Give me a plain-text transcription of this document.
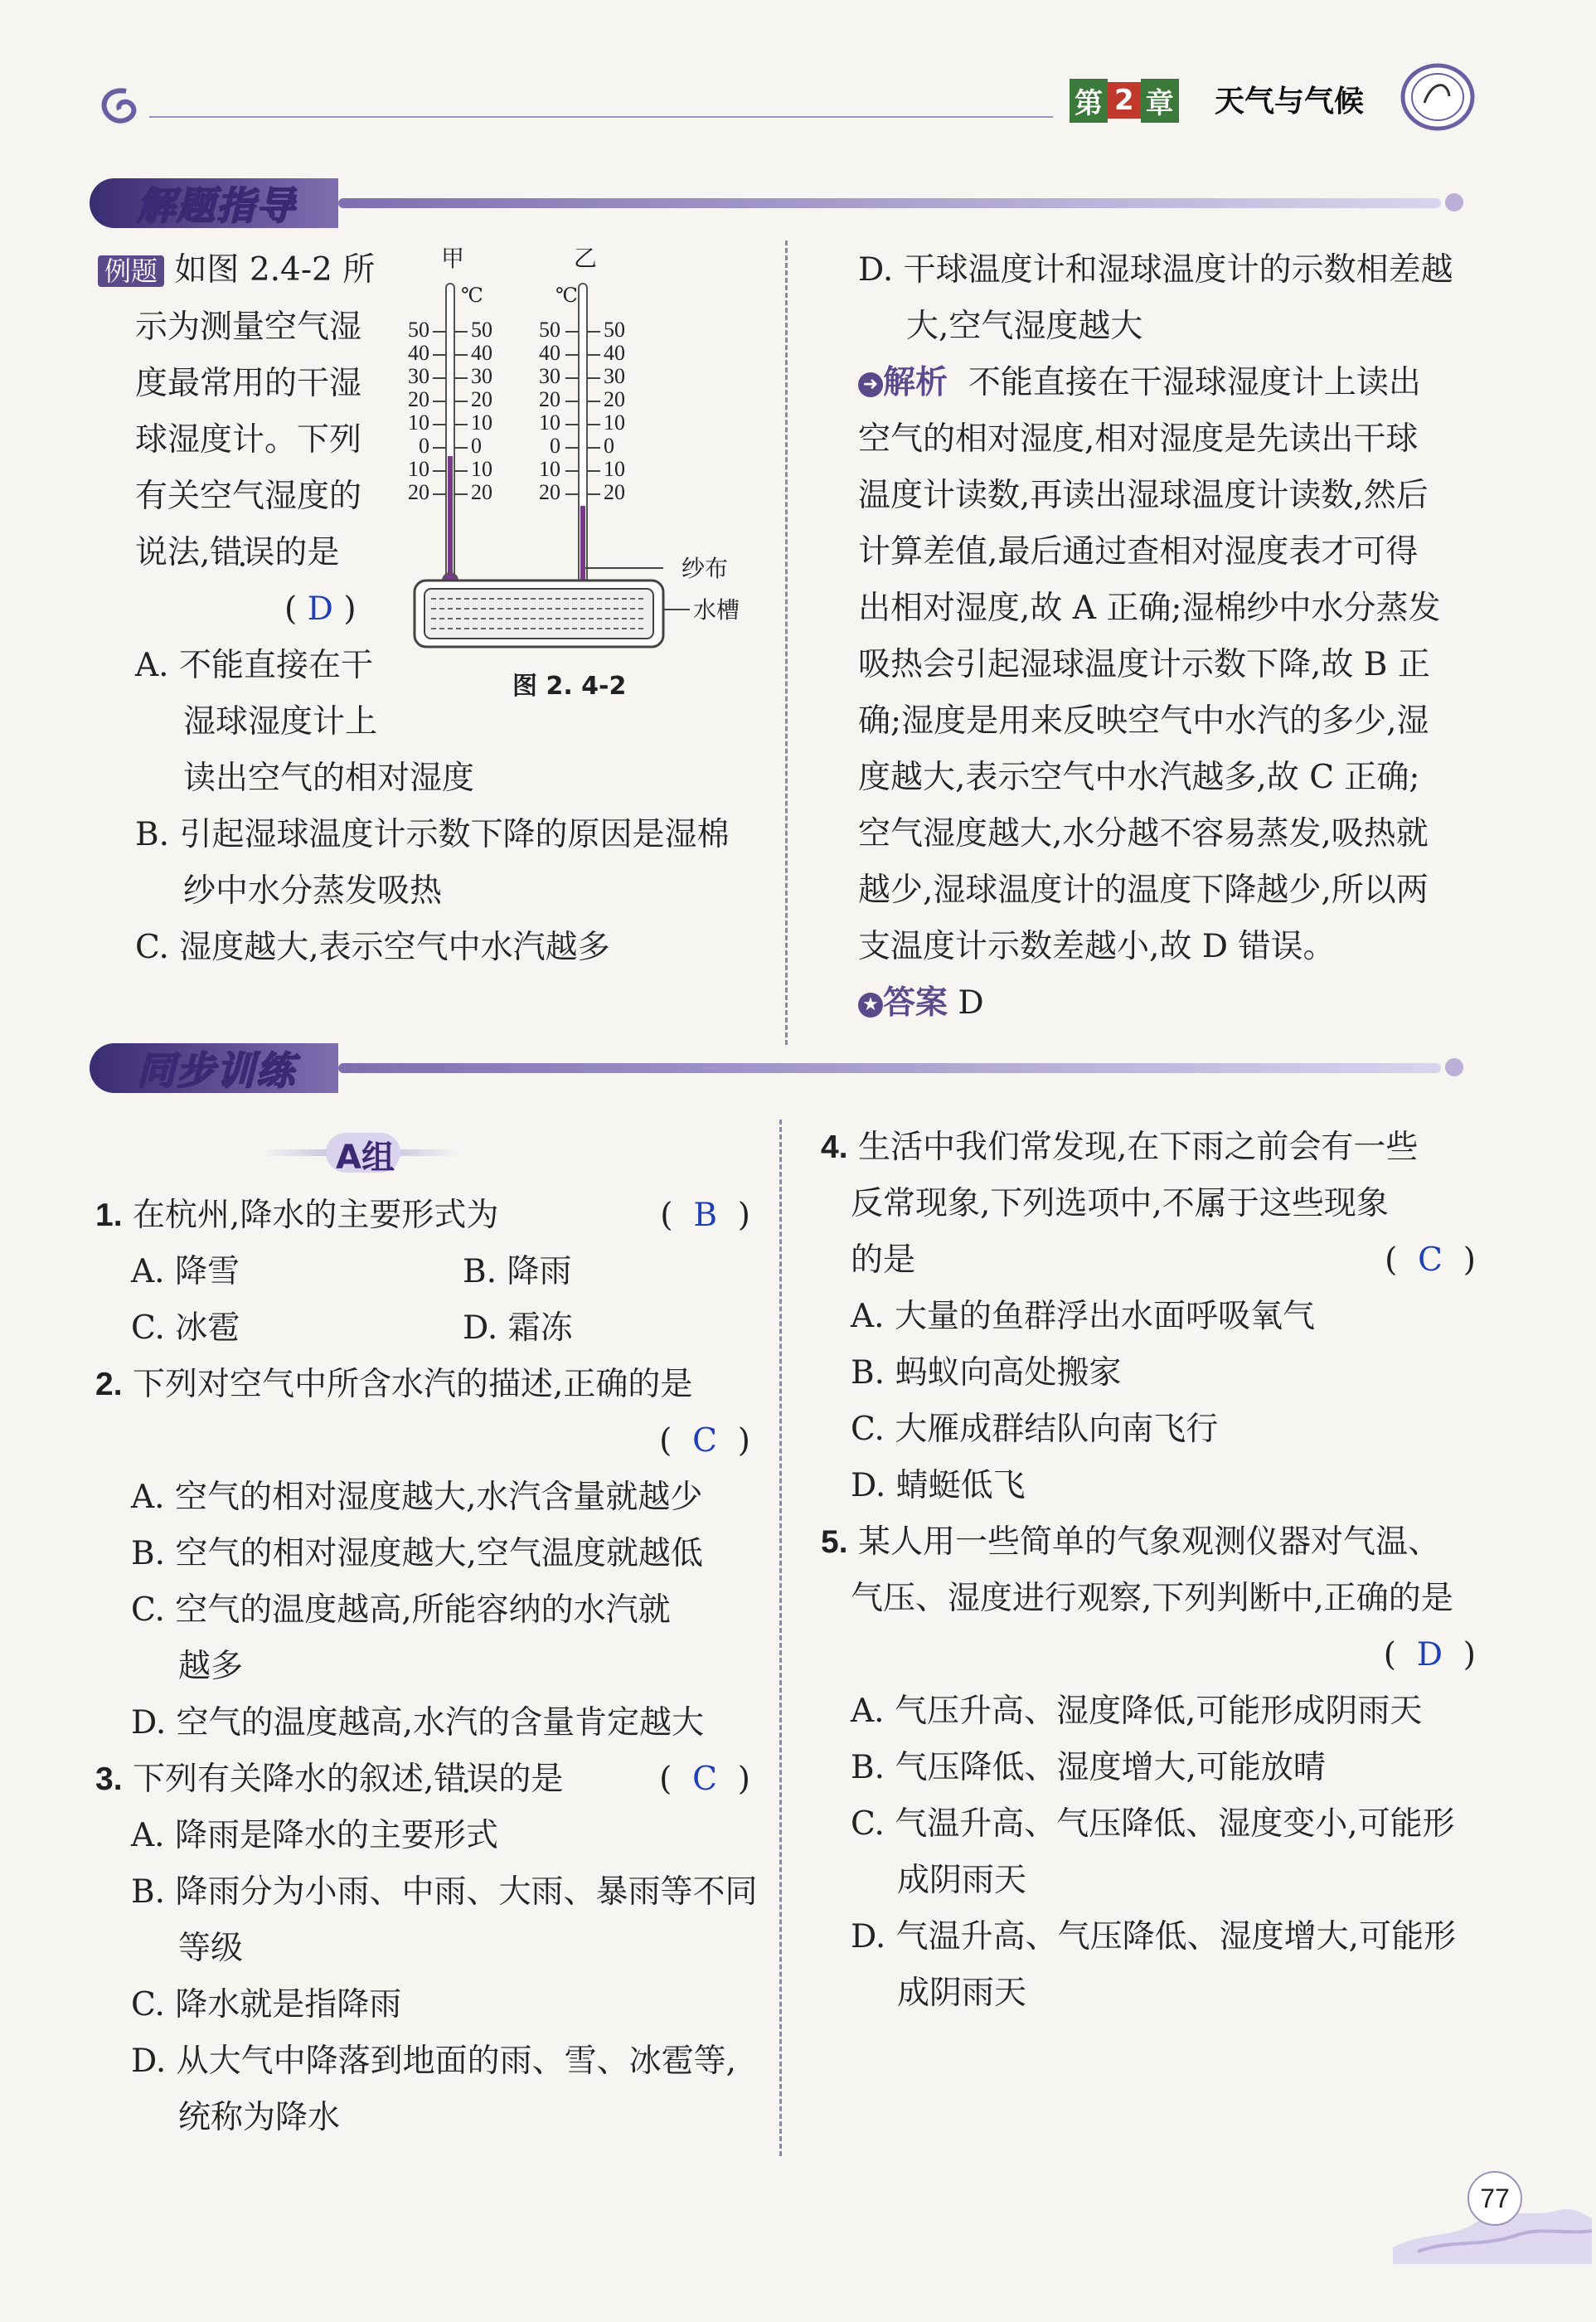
第 2 章 天气与气候
解题指导
例题 如图 2.4-2 所
示为测量空气湿
度最常用的干湿
球湿度计。下列
有关空气湿度的
说法,错误的是
( D )
A. 不能直接在干
湿球湿度计上
读出空气的相对湿度
B. 引起湿球温度计示数下降的原因是湿棉
纱中水分蒸发吸热
C. 湿度越大,表示空气中水汽越多
甲	乙
℃	℃
50
40
30
20
10
0
10
20
50
40
30
20
10
0
10
20
50
40
30
20
10
0
10
20
50
40
30
20
10
0
10
20
纱布
水槽
图 2. 4-2
D. 干球温度计和湿球温度计的示数相差越
大,空气湿度越大
➜ 解析 不能直接在干湿球湿度计上读出
空气的相对湿度,相对湿度是先读出干球
温度计读数,再读出湿球温度计读数,然后
计算差值,最后通过查相对湿度表才可得
出相对湿度,故 A 正确;湿棉纱中水分蒸发
吸热会引起湿球温度计示数下降,故 B 正
确;湿度是用来反映空气中水汽的多少,湿
度越大,表示空气中水汽越多,故 C 正确;
空气湿度越大,水分越不容易蒸发,吸热就
越少,湿球温度计的温度下降越少,所以两
支温度计示数差越小,故 D 错误。
★ 答案 D
同步训练
A组
1. 在杭州,降水的主要形式为	(  B  )
A. 降雪	B. 降雨
C. 冰雹	D. 霜冻
2. 下列对空气中所含水汽的描述,正确的是
(  C  )
A. 空气的相对湿度越大,水汽含量就越少
B. 空气的相对湿度越大,空气温度就越低
C. 空气的温度越高,所能容纳的水汽就
越多
D. 空气的温度越高,水汽的含量肯定越大
3. 下列有关降水的叙述,错误的是	(  C  )
A. 降雨是降水的主要形式
B. 降雨分为小雨、中雨、大雨、暴雨等不同
等级
C. 降水就是指降雨
D. 从大气中降落到地面的雨、雪、冰雹等,
统称为降水
4. 生活中我们常发现,在下雨之前会有一些
反常现象,下列选项中,不属于这些现象
的是	(  C  )
A. 大量的鱼群浮出水面呼吸氧气
B. 蚂蚁向高处搬家
C. 大雁成群结队向南飞行
D. 蜻蜓低飞
5. 某人用一些简单的气象观测仪器对气温、
气压、湿度进行观察,下列判断中,正确的是
(  D  )
A. 气压升高、湿度降低,可能形成阴雨天
B. 气压降低、湿度增大,可能放晴
C. 气温升高、气压降低、湿度变小,可能形
成阴雨天
D. 气温升高、气压降低、湿度增大,可能形
成阴雨天
77
